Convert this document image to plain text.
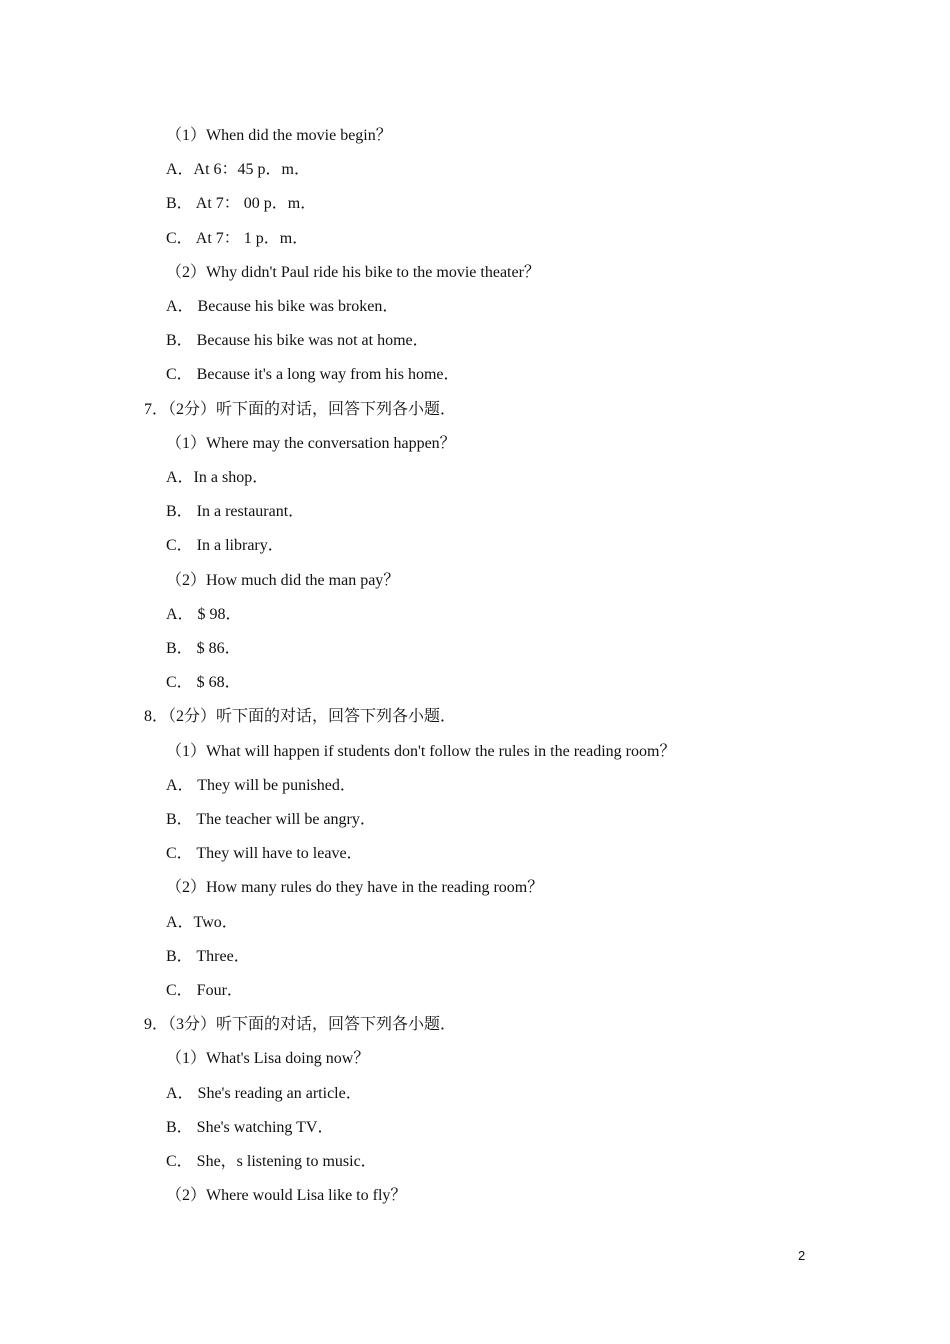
（1）When did the movie begin？
A．At 6：45 p．m．
B． At 7： 00 p．m．
C． At 7： 1 p．m．
（2）Why didn't Paul ride his bike to the movie theater？
A． Because his bike was broken．
B． Because his bike was not at home．
C． Because it's a long way from his home．
7．（2分）听下面的对话，回答下列各小题．
（1）Where may the conversation happen？
A．In a shop．
B． In a restaurant．
C． In a library．
（2）How much did the man pay？
A． $ 98．
B． $ 86．
C． $ 68．
8．（2分）听下面的对话，回答下列各小题．
（1）What will happen if students don't follow the rules in the reading room？
A． They will be punished．
B． The teacher will be angry．
C． They will have to leave．
（2）How many rules do they have in the reading room？
A．Two．
B． Three．
C． Four．
9．（3分）听下面的对话，回答下列各小题．
（1）What's Lisa doing now？
A． She's reading an article．
B． She's watching TV．
C． She，s listening to music．
（2）Where would Lisa like to fly？
2
